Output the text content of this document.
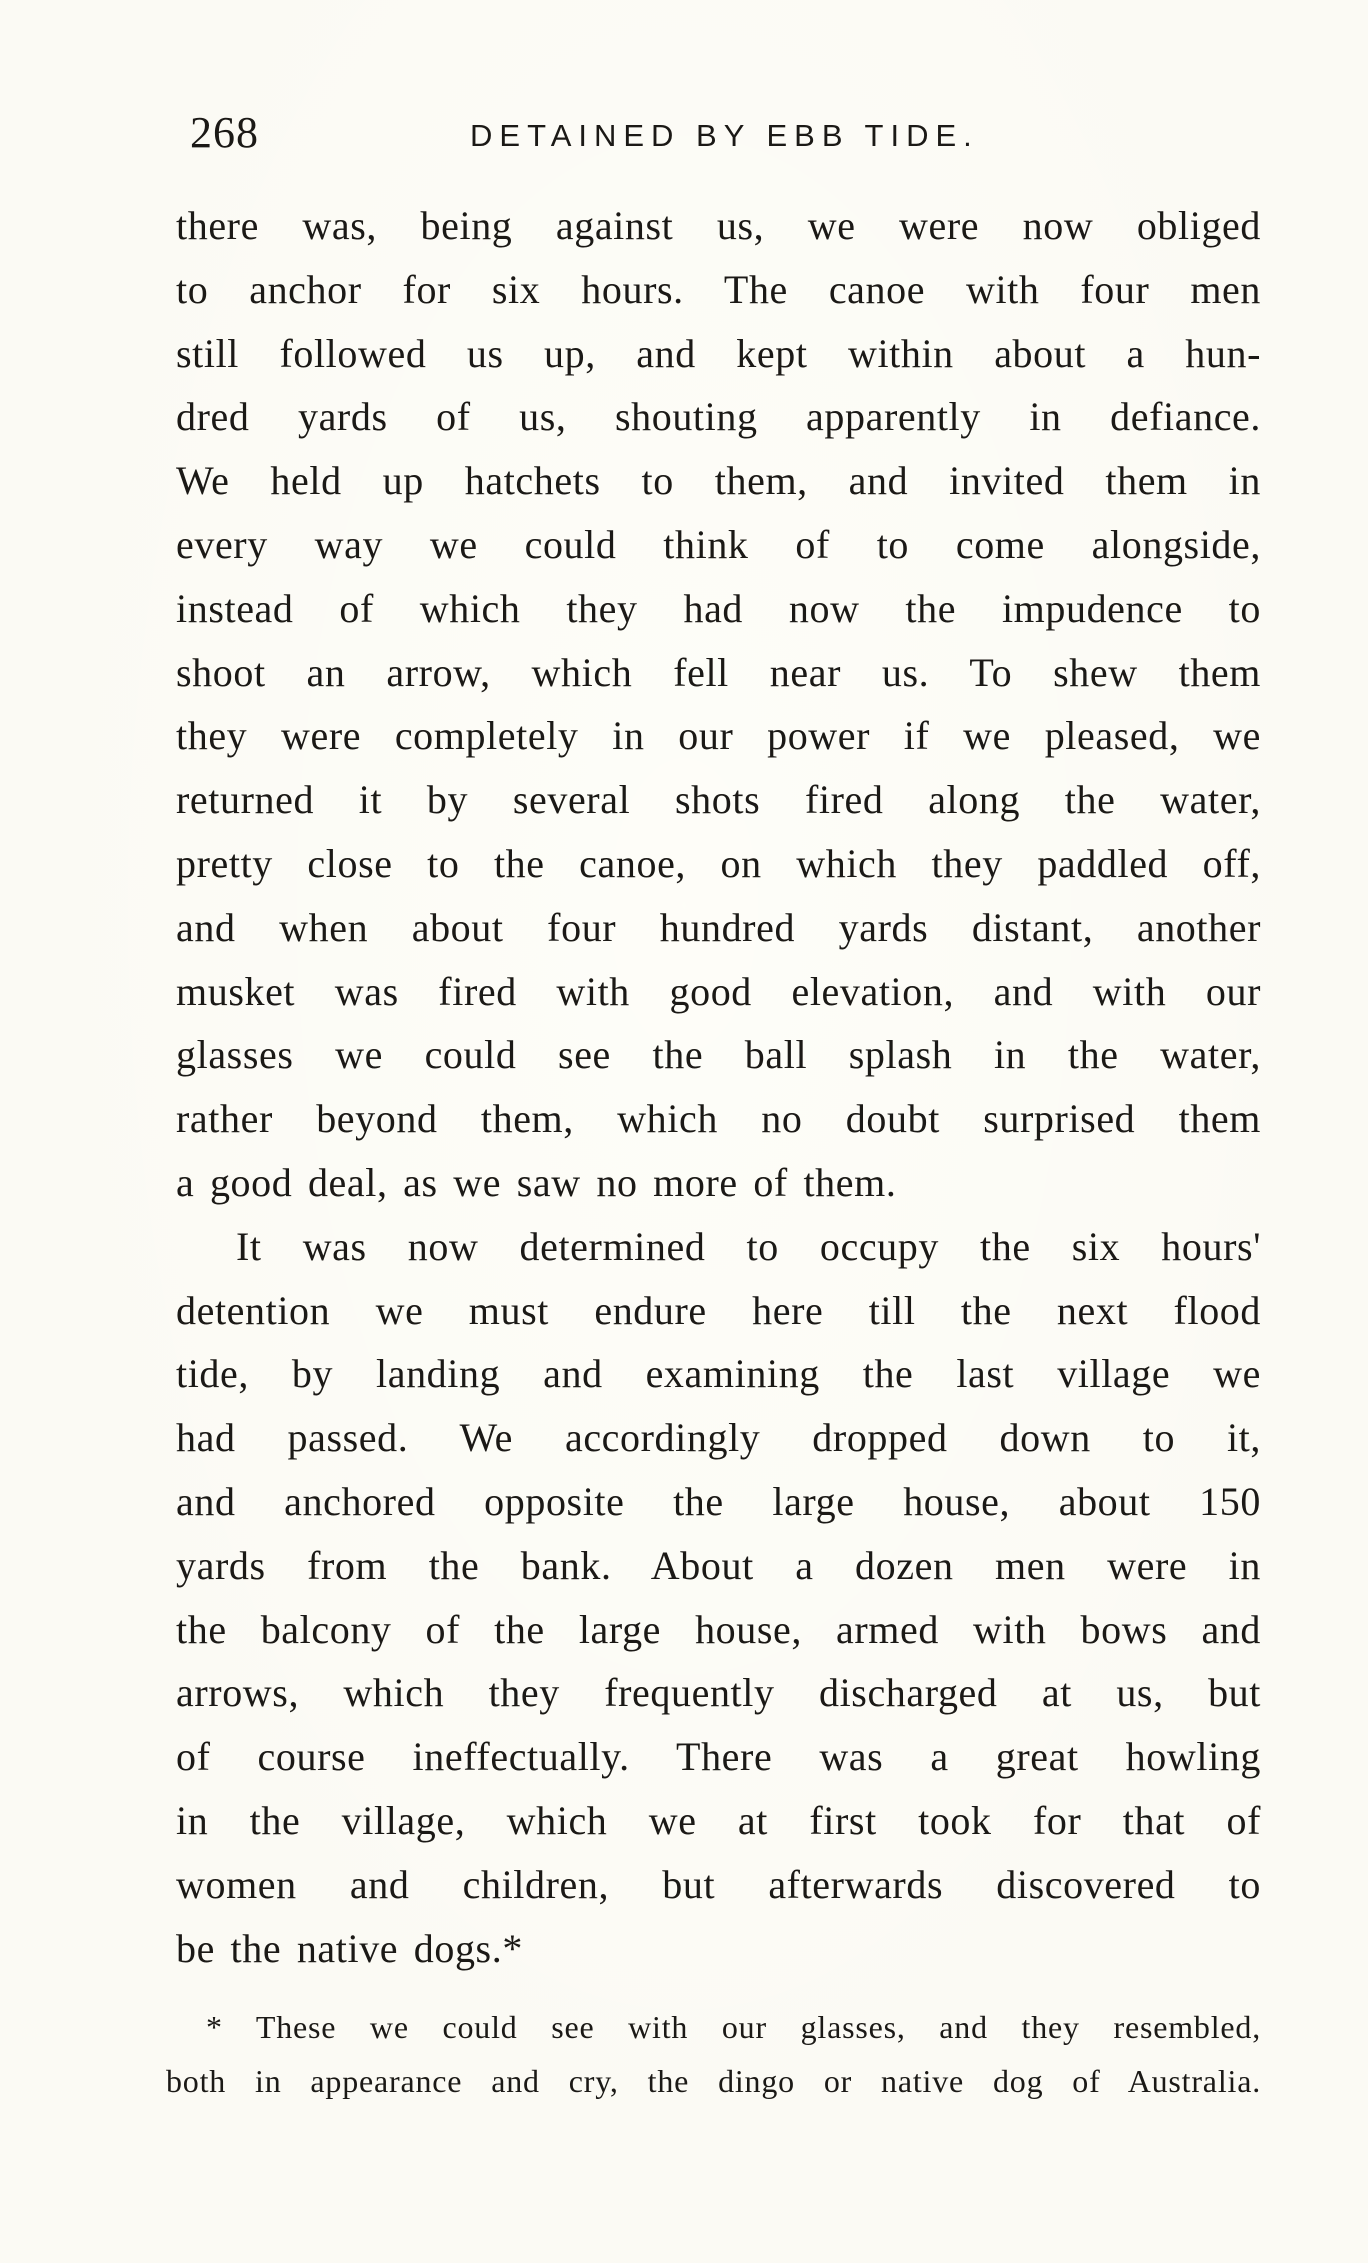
268	DETAINED BY EBB TIDE.
there was, being against us, we were now obliged
to anchor for six hours. The canoe with four men
still followed us up, and kept within about a hun-
dred yards of us, shouting apparently in defiance.
We held up hatchets to them, and invited them in
every way we could think of to come alongside,
instead of which they had now the impudence to
shoot an arrow, which fell near us. To shew them
they were completely in our power if we pleased, we
returned it by several shots fired along the water,
pretty close to the canoe, on which they paddled off,
and when about four hundred yards distant, another
musket was fired with good elevation, and with our
glasses we could see the ball splash in the water,
rather beyond them, which no doubt surprised them
a good deal, as we saw no more of them.
It was now determined to occupy the six hours'
detention we must endure here till the next flood
tide, by landing and examining the last village we
had passed. We accordingly dropped down to it,
and anchored opposite the large house, about 150
yards from the bank. About a dozen men were in
the balcony of the large house, armed with bows and
arrows, which they frequently discharged at us, but
of course ineffectually. There was a great howling
in the village, which we at first took for that of
women and children, but afterwards discovered to
be the native dogs.*
* These we could see with our glasses, and they resembled,
both in appearance and cry, the dingo or native dog of Australia.
